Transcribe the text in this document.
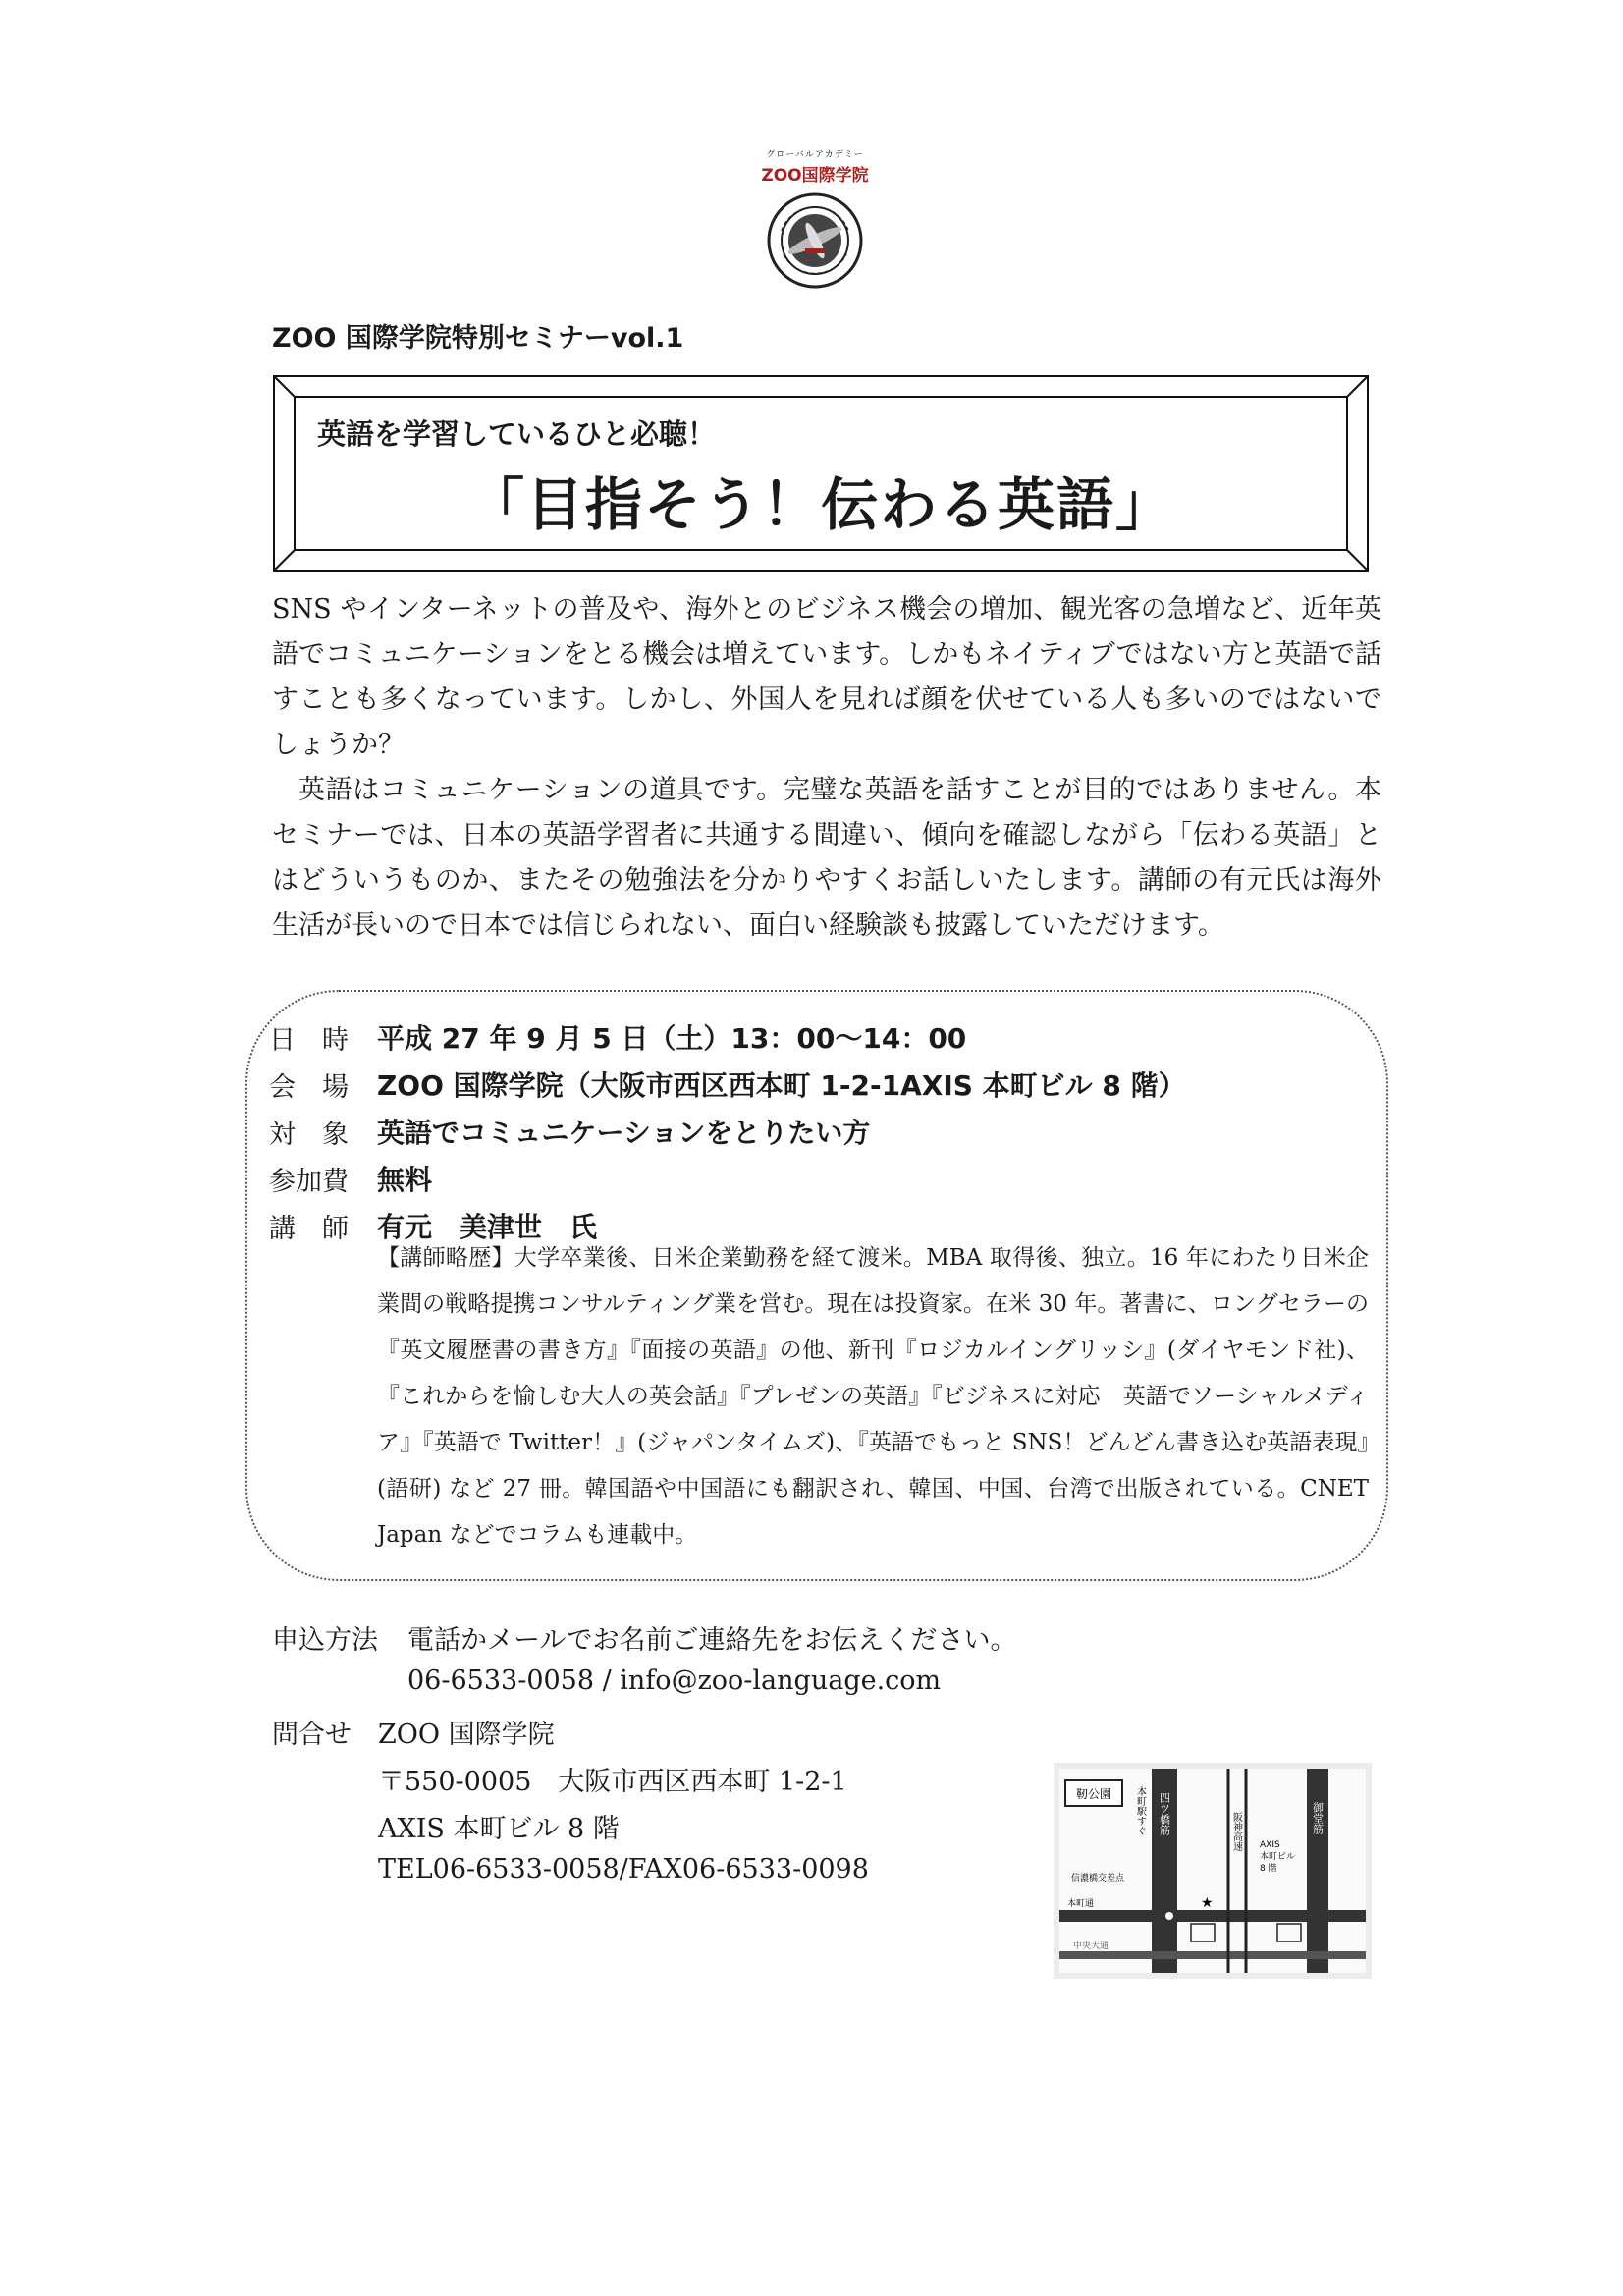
グローバルアカデミー
ZOO国際学院
ZOO 国際学院特別セミナーvol.1
英語を学習しているひと必聴！
「目指そう！伝わる英語」

SNS やインターネットの普及や、海外とのビジネス機会の増加、観光客の急増など、近年英語でコミュニケーションをとる機会は増えています。しかもネイティブではない方と英語で話すことも多くなっています。しかし、外国人を見れば顔を伏せている人も多いのではないでしょうか？

英語はコミュニケーションの道具です。完璧な英語を話すことが目的ではありません。本セミナーでは、日本の英語学習者に共通する間違い、傾向を確認しながら「伝わる英語」とはどういうものか、またその勉強法を分かりやすくお話しいたします。講師の有元氏は海外生活が長いので日本では信じられない、面白い経験談も披露していただけます。

日　時	平成 27 年 9 月 5 日（土）13：00〜14：00
会　場	ZOO 国際学院（大阪市西区西本町 1-2-1AXIS 本町ビル 8 階）
対　象	英語でコミュニケーションをとりたい方
参加費	無料
講　師	有元　美津世　氏
【講師略歴】大学卒業後、日米企業勤務を経て渡米。MBA 取得後、独立。16 年にわたり日米企業間の戦略提携コンサルティング業を営む。現在は投資家。在米 30 年。著書に、ロングセラーの『英文履歴書の書き方』『面接の英語』の他、新刊『ロジカルイングリッシ』(ダイヤモンド社)、『これからを愉しむ大人の英会話』『プレゼンの英語』『ビジネスに対応　英語でソーシャルメディア』『英語で Twitter！』(ジャパンタイムズ)、『英語でもっと SNS！どんどん書き込む英語表現』(語研) など 27 冊。韓国語や中国語にも翻訳され、韓国、中国、台湾で出版されている。CNET Japan などでコラムも連載中。
申込方法 電話かメールでお名前ご連絡先をお伝えください。
06-6533-0058 / info@zoo-language.com
問合せ ZOO 国際学院
〒550-0005　大阪市西区西本町 1-2-1
AXIS 本町ビル 8 階
TEL06-6533-0058/FAX06-6533-0098
靭公園 本町駅すぐ 四ツ橋筋	阪神高速 AXIS
本町ビル
8 階
御堂筋
信濃橋交差点
本町通
中央大通
★
